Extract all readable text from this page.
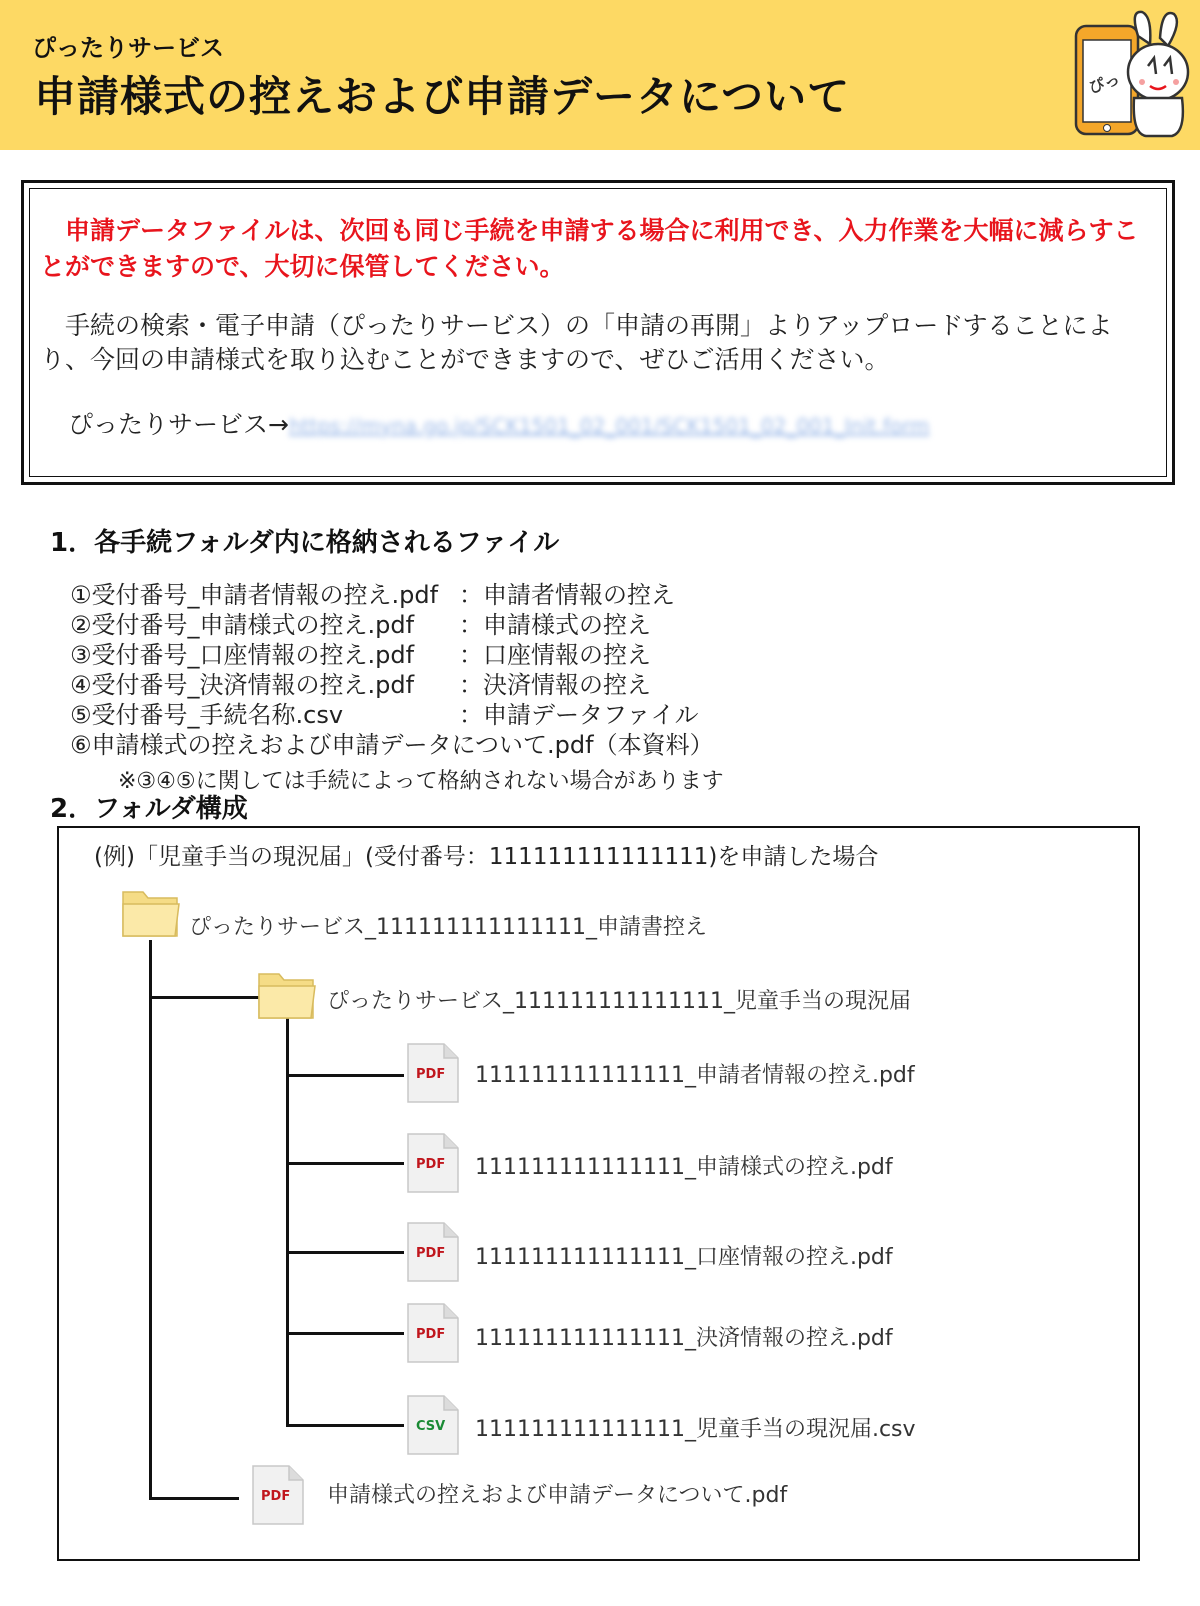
ぴったりサービス
申請様式の控えおよび申請データについて	ぴっ
　申請データファイルは、次回も同じ手続を申請する場合に利用でき、入力作業を大幅に減らすことができますので、大切に保管してください。
　手続の検索・電子申請（ぴったりサービス）の「申請の再開」よりアップロードすることにより、今回の申請様式を取り込むことができますので、ぜひご活用ください。
ぴったりサービス→https://myna.go.jp/SCK1501_02_001/SCK1501_02_001_Init.form
1．各手続フォルダ内に格納されるファイル
①受付番号_申請者情報の控え.pdf ：申請者情報の控え
②受付番号_申請様式の控え.pdf ：申請様式の控え
③受付番号_口座情報の控え.pdf ：口座情報の控え
④受付番号_決済情報の控え.pdf ：決済情報の控え
⑤受付番号_手続名称.csv	：申請データファイル
⑥申請様式の控えおよび申請データについて.pdf（本資料）
※③④⑤に関しては手続によって格納されない場合があります
2．フォルダ構成
(例)「児童手当の現況届」(受付番号：111111111111111)を申請した場合
ぴったりサービス_111111111111111_申請書控え
ぴったりサービス_111111111111111_児童手当の現況届
PDF 111111111111111_申請者情報の控え.pdf
PDF 111111111111111_申請様式の控え.pdf
PDF 111111111111111_口座情報の控え.pdf
PDF 111111111111111_決済情報の控え.pdf
CSV 111111111111111_児童手当の現況届.csv
PDF 申請様式の控えおよび申請データについて.pdf
